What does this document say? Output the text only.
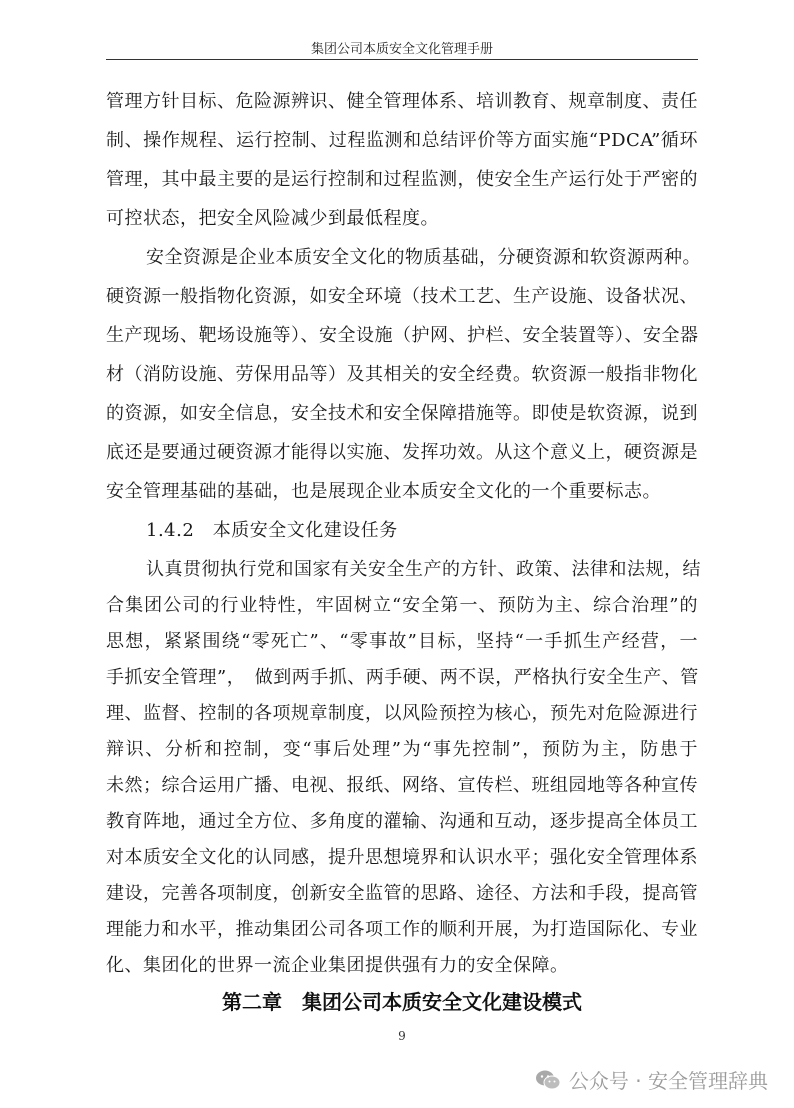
集团公司本质安全文化管理手册
管理方针目标、危险源辨识、健全管理体系、培训教育、规章制度、责任
制、操作规程、运行控制、过程监测和总结评价等方面实施“PDCA”循环
管理，其中最主要的是运行控制和过程监测，使安全生产运行处于严密的
可控状态，把安全风险减少到最低程度。
安全资源是企业本质安全文化的物质基础，分硬资源和软资源两种。
硬资源一般指物化资源，如安全环境（技术工艺、生产设施、设备状况、
生产现场、靶场设施等）、安全设施（护网、护栏、安全装置等）、安全器
材（消防设施、劳保用品等）及其相关的安全经费。软资源一般指非物化
的资源，如安全信息，安全技术和安全保障措施等。即使是软资源，说到
底还是要通过硬资源才能得以实施、发挥功效。从这个意义上，硬资源是
安全管理基础的基础，也是展现企业本质安全文化的一个重要标志。
1.4.2　本质安全文化建设任务
认真贯彻执行党和国家有关安全生产的方针、政策、法律和法规，结
合集团公司的行业特性，牢固树立“安全第一、预防为主、综合治理”的
思想，紧紧围绕“零死亡”、“零事故”目标，坚持“一手抓生产经营，一
手抓安全管理”，　做到两手抓、两手硬、两不误，严格执行安全生产、管
理、监督、控制的各项规章制度，以风险预控为核心，预先对危险源进行
辩识、分析和控制，变“事后处理”为“事先控制”，预防为主，防患于
未然；综合运用广播、电视、报纸、网络、宣传栏、班组园地等各种宣传
教育阵地，通过全方位、多角度的灌输、沟通和互动，逐步提高全体员工
对本质安全文化的认同感，提升思想境界和认识水平；强化安全管理体系
建设，完善各项制度，创新安全监管的思路、途径、方法和手段，提高管
理能力和水平，推动集团公司各项工作的顺利开展，为打造国际化、专业
第二章　集团公司本质安全文化建设模式
9
公众号 · 安全管理辞典
化、集团化的世界一流企业集团提供强有力的安全保障。
